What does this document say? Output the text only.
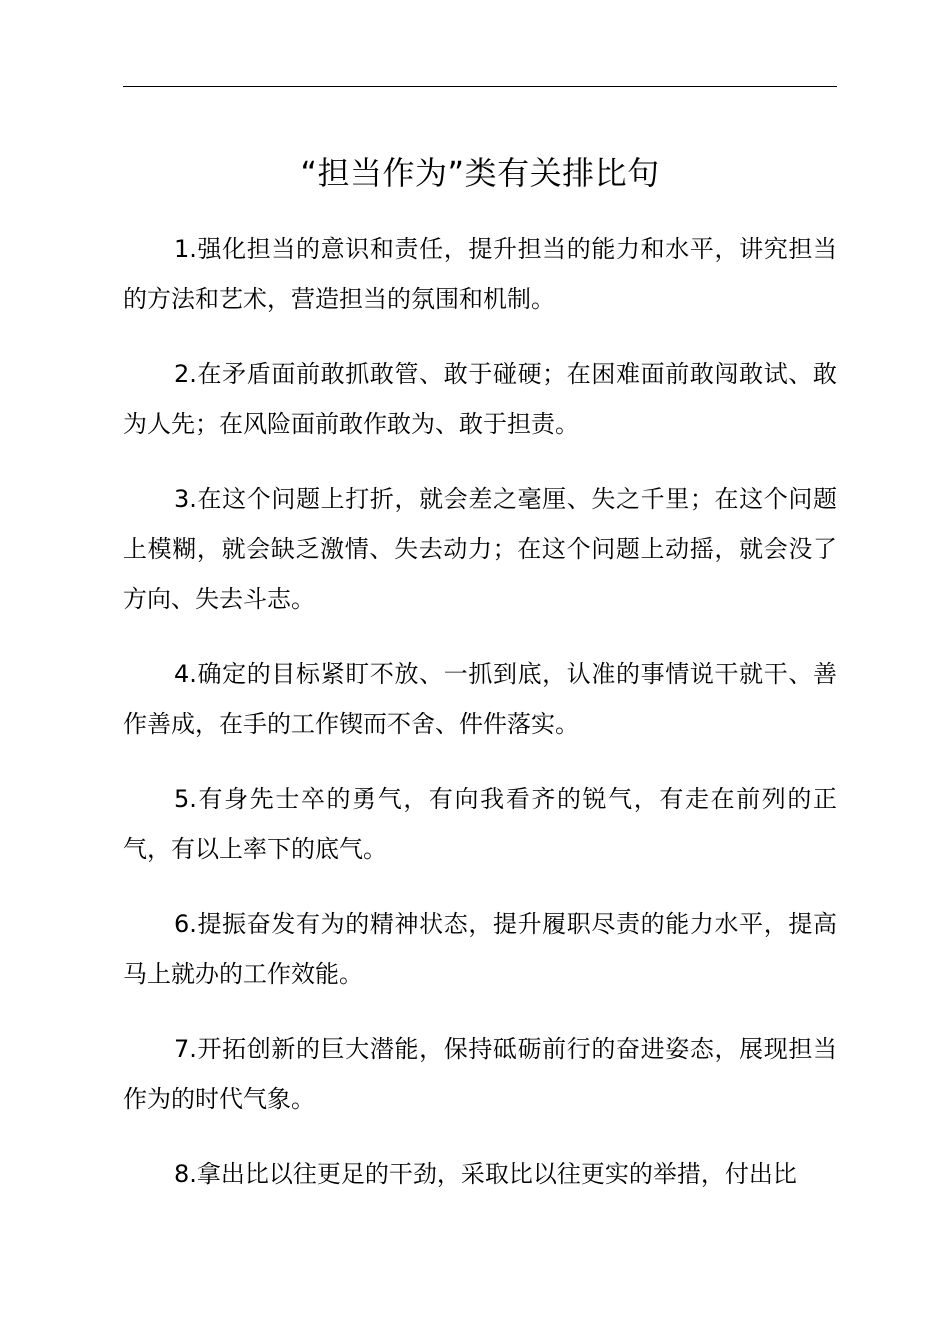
“担当作为”类有关排比句

1.强化担当的意识和责任，提升担当的能力和水平，讲究担当的方法和艺术，营造担当的氛围和机制。

2.在矛盾面前敢抓敢管、敢于碰硬；在困难面前敢闯敢试、敢为人先；在风险面前敢作敢为、敢于担责。

3.在这个问题上打折，就会差之毫厘、失之千里；在这个问题上模糊，就会缺乏激情、失去动力；在这个问题上动摇，就会没了方向、失去斗志。

4.确定的目标紧盯不放、一抓到底，认准的事情说干就干、善作善成，在手的工作锲而不舍、件件落实。

5.有身先士卒的勇气，有向我看齐的锐气，有走在前列的正气，有以上率下的底气。

6.提振奋发有为的精神状态，提升履职尽责的能力水平，提高马上就办的工作效能。

7.开拓创新的巨大潜能，保持砥砺前行的奋进姿态，展现担当作为的时代气象。

8.拿出比以往更足的干劲，采取比以往更实的举措，付出比
